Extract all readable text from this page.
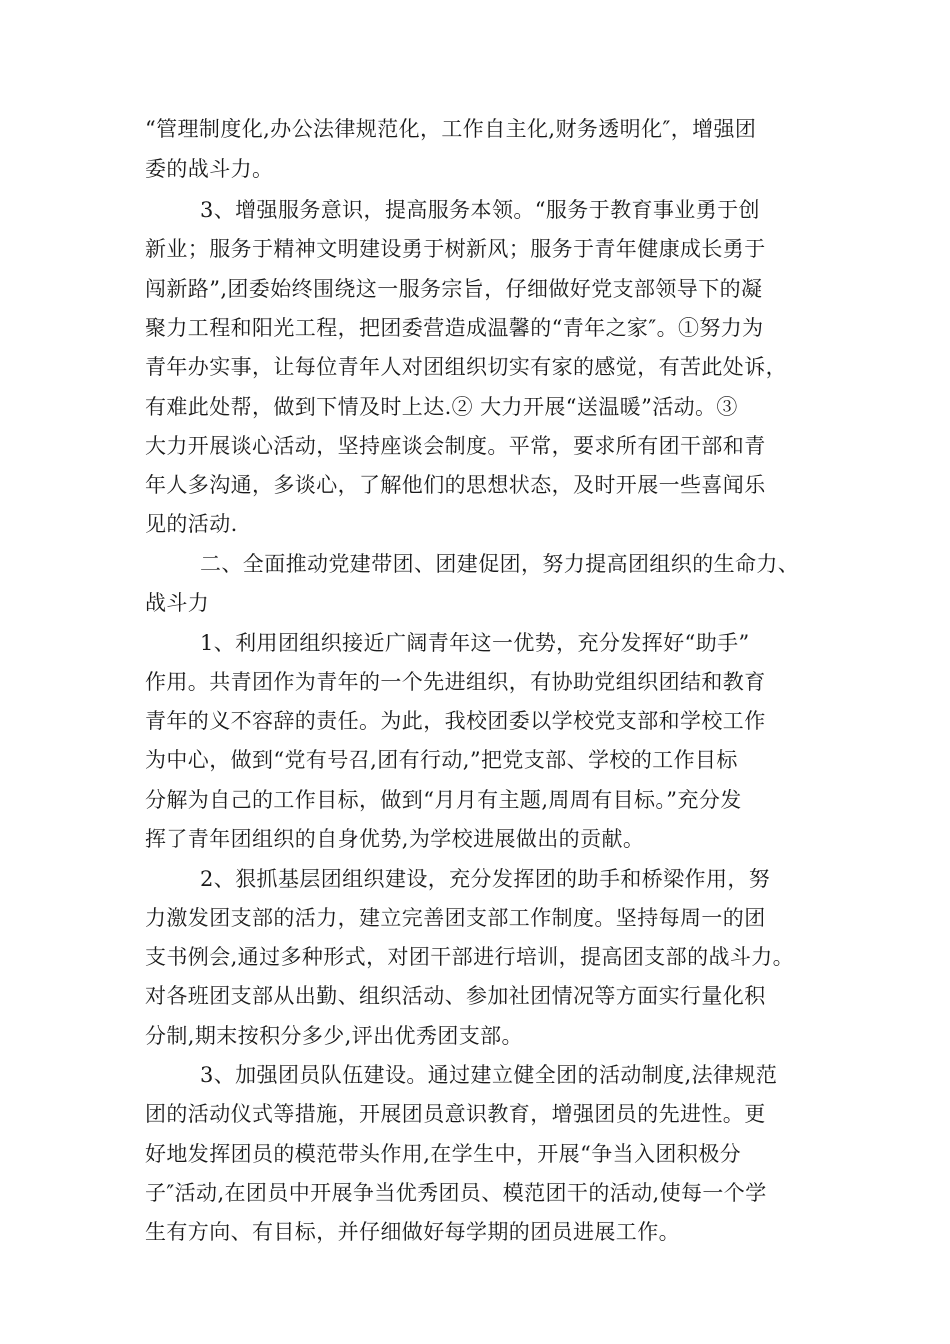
“管理制度化,办公法律规范化，工作自主化,财务透明化″，增强团
委的战斗力。
3、增强服务意识，提高服务本领。“服务于教育事业勇于创
新业；服务于精神文明建设勇于树新风；服务于青年健康成长勇于
闯新路”,团委始终围绕这一服务宗旨，仔细做好党支部领导下的凝
聚力工程和阳光工程，把团委营造成温馨的“青年之家″。①努力为
青年办实事，让每位青年人对团组织切实有家的感觉，有苦此处诉，
有难此处帮，做到下情及时上达.② 大力开展“送温暖”活动。③
大力开展谈心活动，坚持座谈会制度。平常，要求所有团干部和青
年人多沟通，多谈心，了解他们的思想状态，及时开展一些喜闻乐
见的活动.
二、全面推动党建带团、团建促团，努力提高团组织的生命力、
战斗力
1、利用团组织接近广阔青年这一优势，充分发挥好“助手”
作用。共青团作为青年的一个先进组织，有协助党组织团结和教育
青年的义不容辞的责任。为此，我校团委以学校党支部和学校工作
为中心，做到“党有号召,团有行动,”把党支部、学校的工作目标
分解为自己的工作目标，做到“月月有主题,周周有目标。”充分发
挥了青年团组织的自身优势,为学校进展做出的贡献。
2、狠抓基层团组织建设，充分发挥团的助手和桥梁作用，努
力激发团支部的活力，建立完善团支部工作制度。坚持每周一的团
支书例会,通过多种形式，对团干部进行培训，提高团支部的战斗力。
对各班团支部从出勤、组织活动、参加社团情况等方面实行量化积
分制,期末按积分多少,评出优秀团支部。
3、加强团员队伍建设。通过建立健全团的活动制度,法律规范
团的活动仪式等措施，开展团员意识教育，增强团员的先进性。更
好地发挥团员的模范带头作用,在学生中，开展“争当入团积极分
子″活动,在团员中开展争当优秀团员、模范团干的活动,使每一个学
生有方向、有目标，并仔细做好每学期的团员进展工作。
